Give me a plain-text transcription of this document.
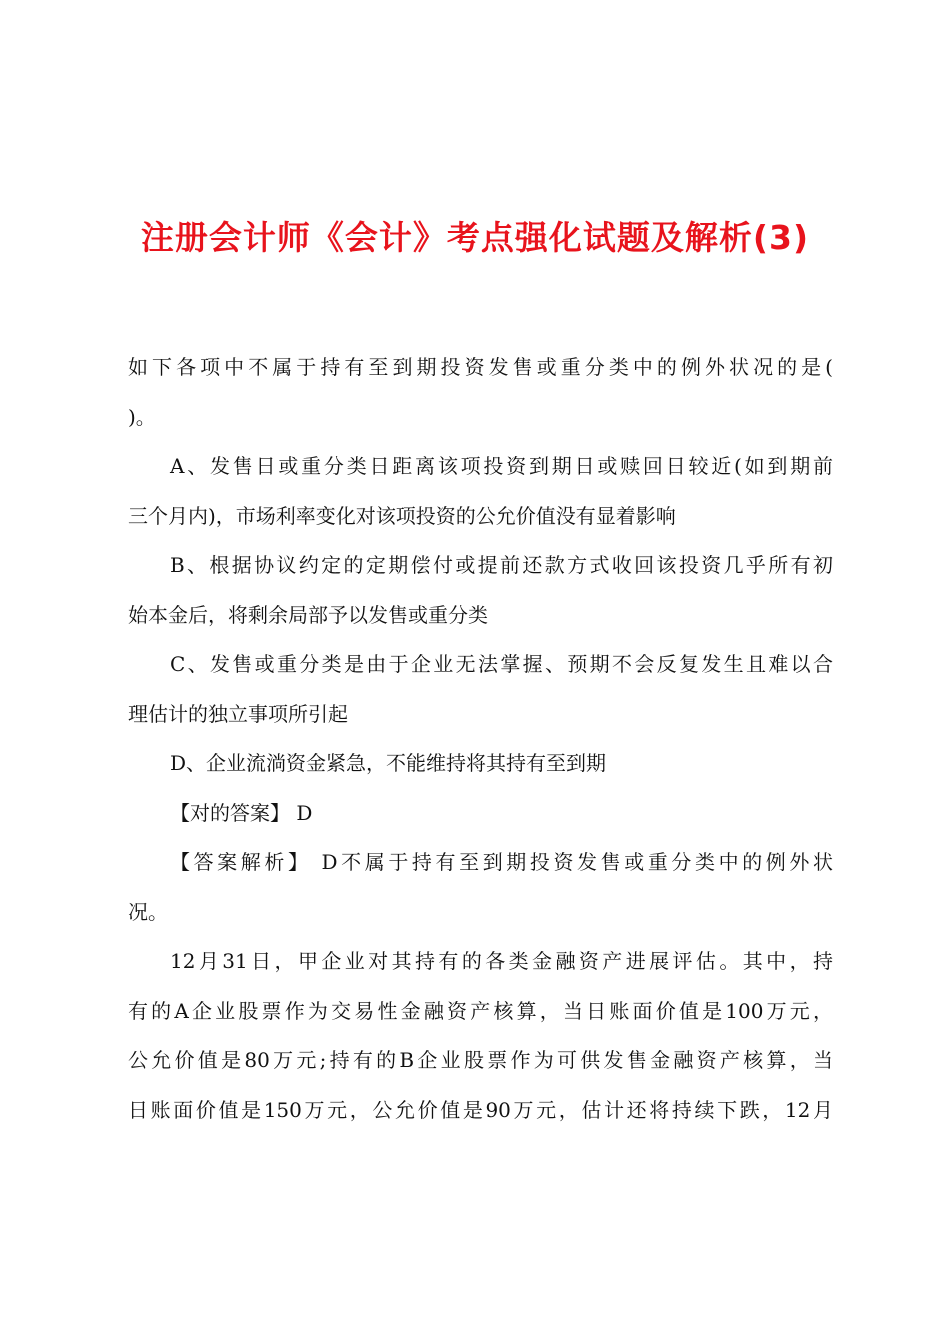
注册会计师《会计》考点强化试题及解析(3)
如下各项中不属于持有至到期投资发售或重分类中的例外状况的是(
)。
A、发售日或重分类日距离该项投资到期日或赎回日较近(如到期前
三个月内)，市场利率变化对该项投资的公允价值没有显着影响
B、根据协议约定的定期偿付或提前还款方式收回该投资几乎所有初
始本金后，将剩余局部予以发售或重分类
C、发售或重分类是由于企业无法掌握、预期不会反复发生且难以合
理估计的独立事项所引起
D、企业流淌资金紧急，不能维持将其持有至到期
【对的答案】 D
【答案解析】 D不属于持有至到期投资发售或重分类中的例外状
况。
12月31日，甲企业对其持有的各类金融资产进展评估。其中，持
有的A企业股票作为交易性金融资产核算，当日账面价值是100万元，
公允价值是80万元;持有的B企业股票作为可供发售金融资产核算，当
日账面价值是150万元，公允价值是90万元，估计还将持续下跌，12月
